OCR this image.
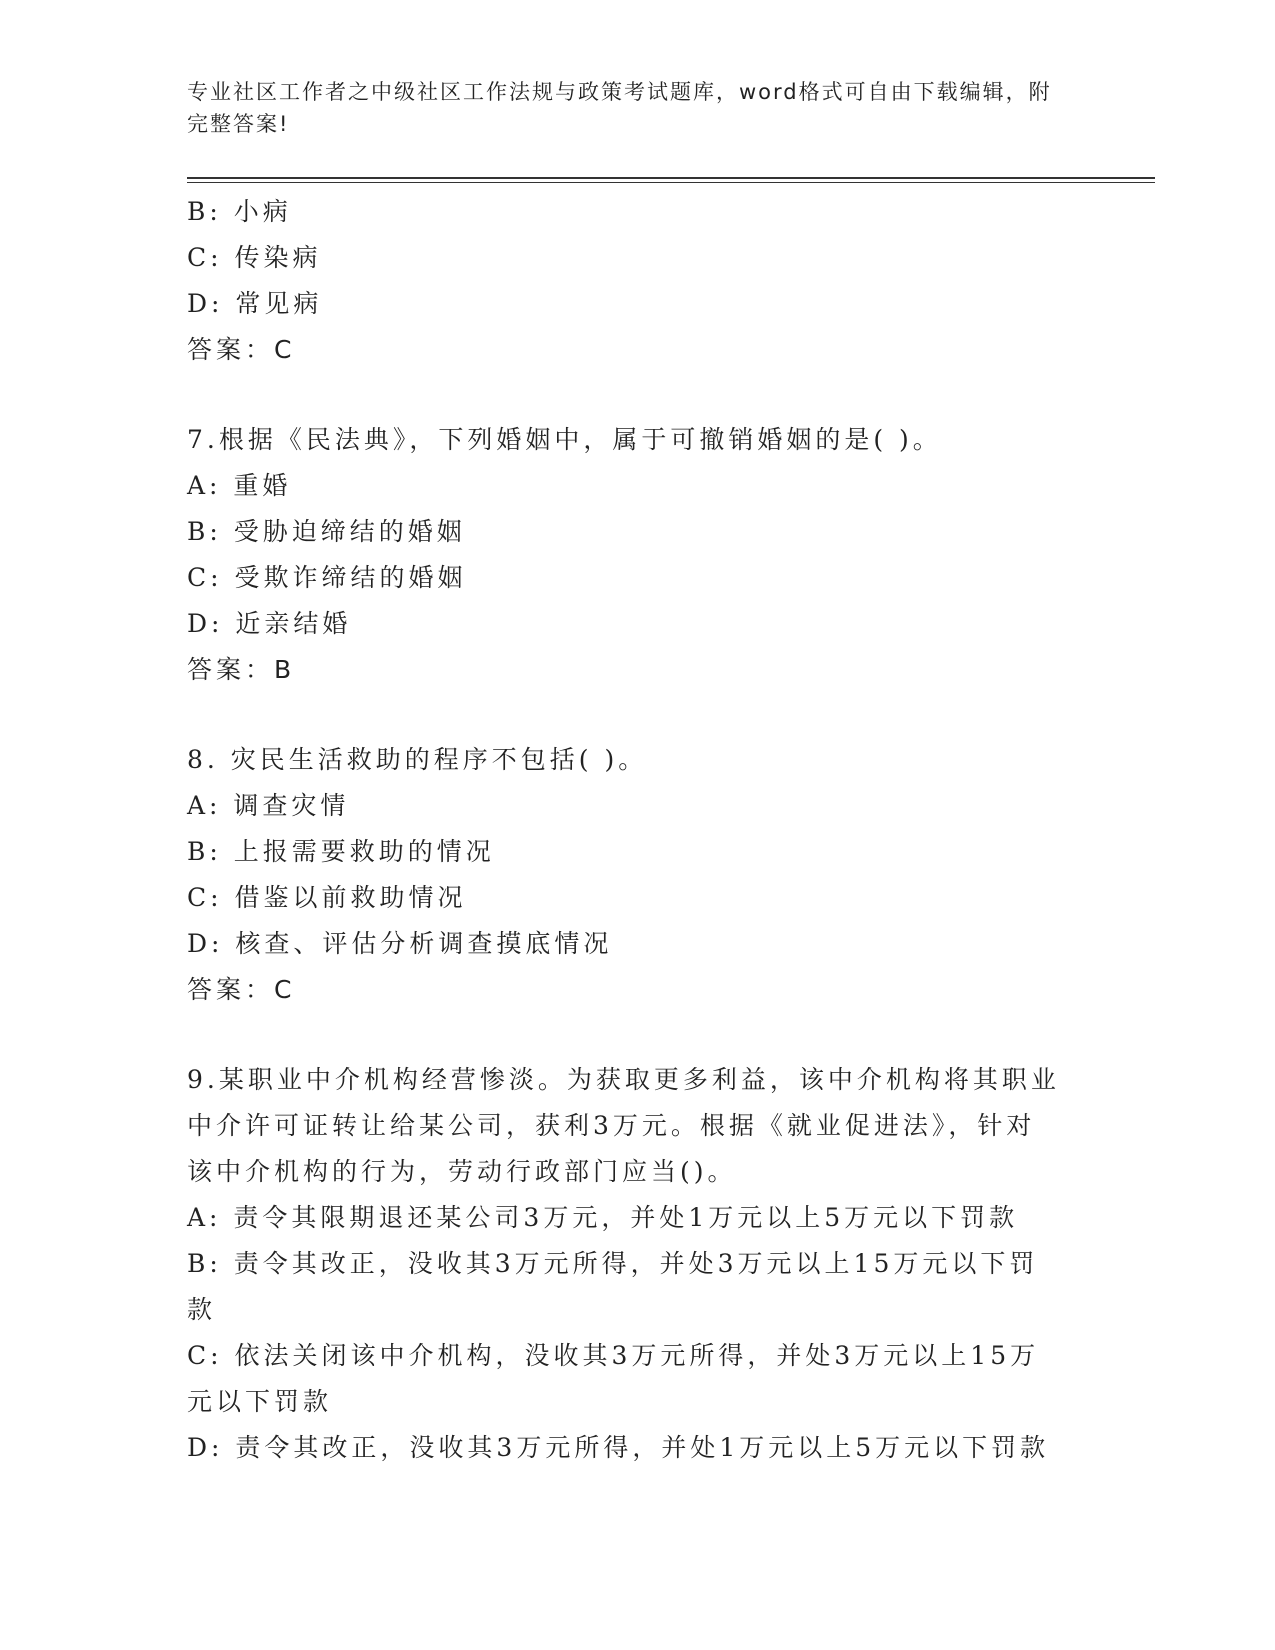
专业社区工作者之中级社区工作法规与政策考试题库，word格式可自由下载编辑，附完整答案!
B: 小病
C: 传染病
D: 常见病
答案：C
7.根据《民法典》，下列婚姻中，属于可撤销婚姻的是( )。
A: 重婚
B: 受胁迫缔结的婚姻
C: 受欺诈缔结的婚姻
D: 近亲结婚
答案：B
8. 灾民生活救助的程序不包括( )。
A: 调查灾情
B: 上报需要救助的情况
C: 借鉴以前救助情况
D: 核查、评估分析调查摸底情况
答案：C
9.某职业中介机构经营惨淡。为获取更多利益，该中介机构将其职业
中介许可证转让给某公司，获利3万元。根据《就业促进法》，针对
该中介机构的行为，劳动行政部门应当()。
A: 责令其限期退还某公司3万元，并处1万元以上5万元以下罚款
B: 责令其改正，没收其3万元所得，并处3万元以上15万元以下罚
款
C: 依法关闭该中介机构，没收其3万元所得，并处3万元以上15万
元以下罚款
D: 责令其改正，没收其3万元所得，并处1万元以上5万元以下罚款
